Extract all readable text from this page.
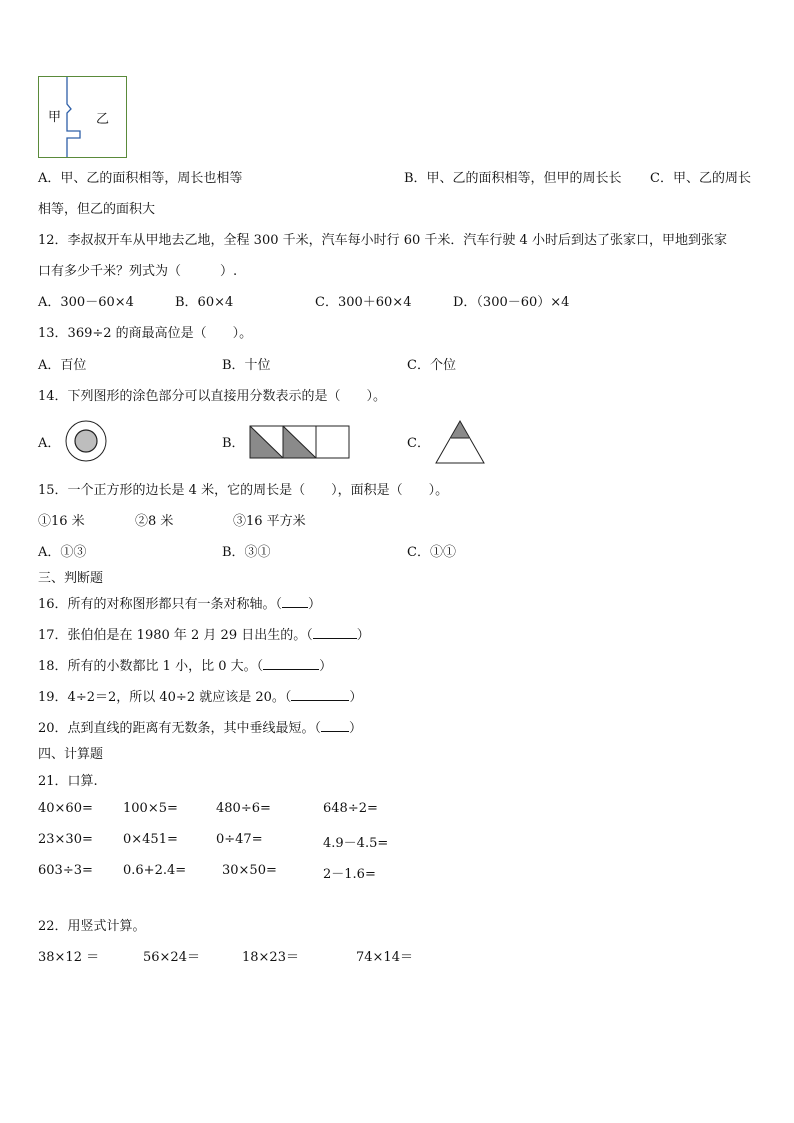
甲	乙
A．甲、乙的面积相等，周长也相等	B．甲、乙的面积相等，但甲的周长长 C．甲、乙的周长
相等，但乙的面积大
12．李叔叔开车从甲地去乙地，全程 300 千米，汽车每小时行 60 千米．汽车行驶 4 小时后到达了张家口，甲地到张家
口有多少千米？列式为（　　　）.
A．300－60×4	B．60×4	C．300＋60×4	D．（300－60）×4
13．369÷2 的商最高位是（　　）。
A．百位	B．十位	C．个位
14．下列图形的涂色部分可以直接用分数表示的是（　　）。
A．	B．	C．
15．一个正方形的边长是 4 米，它的周长是（　　），面积是（　　）。
①16 米	②8 米	③16 平方米
A．①③	B．③①	C．①①
三、判断题
16．所有的对称图形都只有一条对称轴。（ ）
17．张伯伯是在 1980 年 2 月 29 日出生的。（	）
18．所有的小数都比 1 小，比 0 大。（	）
19．4÷2＝2，所以 40÷2 就应该是 20。（	）
20．点到直线的距离有无数条，其中垂线最短。（ ）
四、计算题
21．口算.
40×60= 100×5=	480÷6=	648÷2=
23×30= 0×451=	0÷47=	4.9－4.5=
603÷3= 0.6+2.4=	30×50=	2－1.6=
22．用竖式计算。
38×12 ＝	56×24＝	18×23＝	74×14＝
